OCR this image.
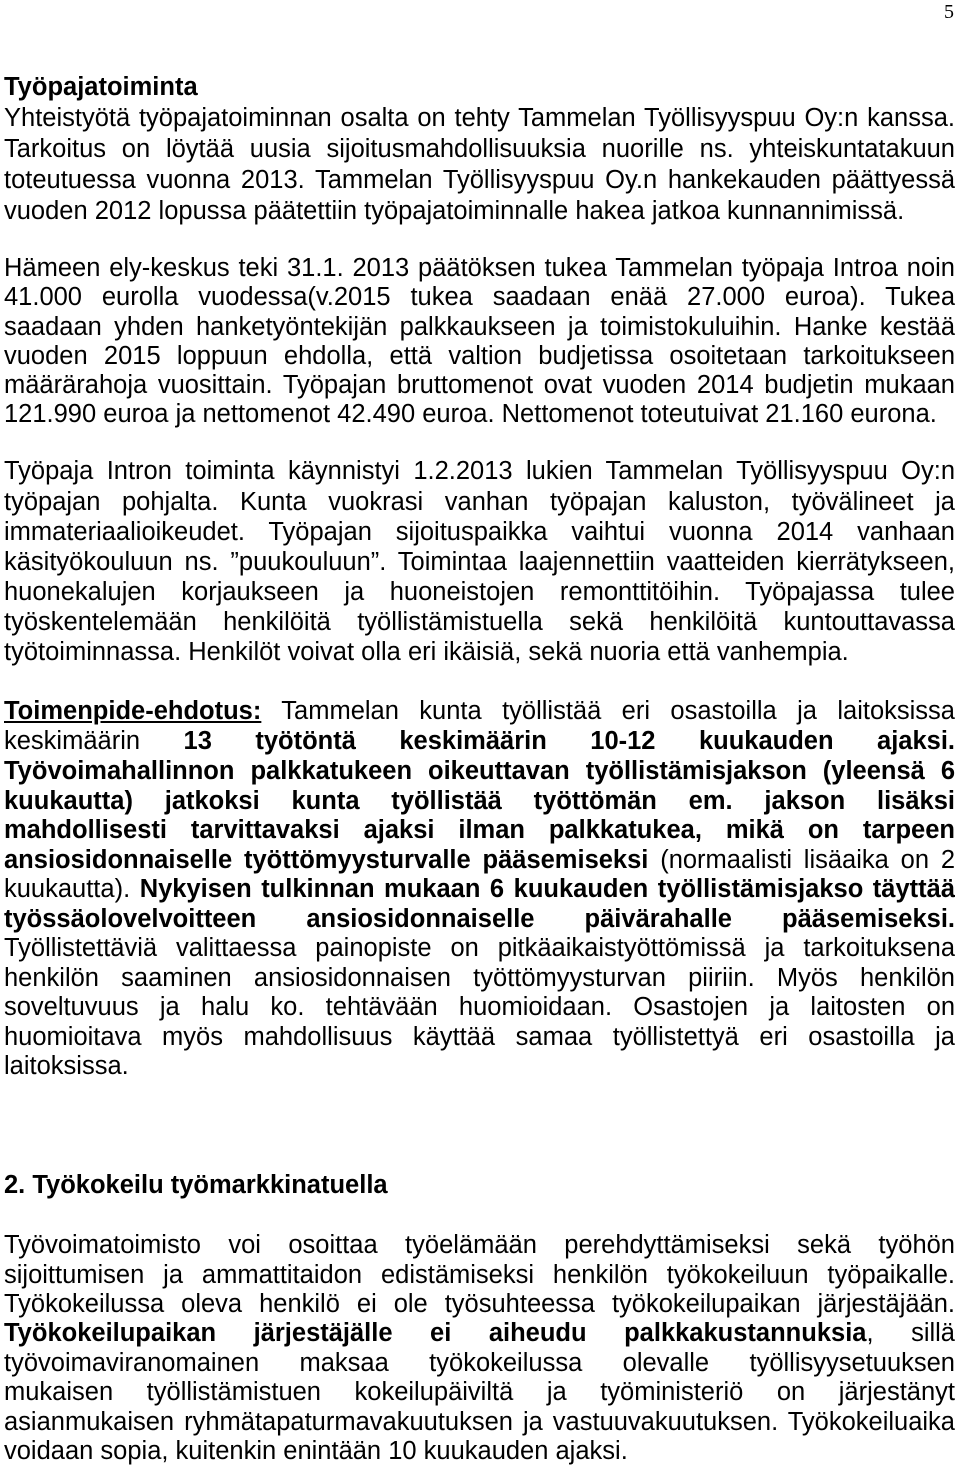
5
Työpajatoiminta
Yhteistyötä työpajatoiminnan osalta on tehty Tammelan Työllisyyspuu Oy:n kanssa.
Tarkoitus on löytää uusia sijoitusmahdollisuuksia nuorille ns. yhteiskuntatakuun
toteutuessa vuonna 2013. Tammelan Työllisyyspuu Oy.n hankekauden päättyessä
vuoden 2012 lopussa päätettiin työpajatoiminnalle hakea jatkoa kunnannimissä.
Hämeen ely-keskus teki 31.1. 2013 päätöksen tukea Tammelan työpaja Introa noin
41.000 eurolla vuodessa(v.2015 tukea saadaan enää 27.000 euroa). Tukea
saadaan yhden hanketyöntekijän palkkaukseen ja toimistokuluihin. Hanke kestää
vuoden 2015 loppuun ehdolla, että valtion budjetissa osoitetaan tarkoitukseen
määrärahoja vuosittain. Työpajan bruttomenot ovat vuoden 2014 budjetin mukaan
121.990 euroa ja nettomenot 42.490 euroa. Nettomenot toteutuivat 21.160 eurona.
Työpaja Intron toiminta käynnistyi 1.2.2013 lukien Tammelan Työllisyyspuu Oy:n
työpajan pohjalta. Kunta vuokrasi vanhan työpajan kaluston, työvälineet ja
immateriaalioikeudet. Työpajan sijoituspaikka vaihtui vuonna 2014 vanhaan
käsityökouluun ns. ”puukouluun”. Toimintaa laajennettiin vaatteiden kierrätykseen,
huonekalujen korjaukseen ja huoneistojen remonttitöihin. Työpajassa tulee
työskentelemään henkilöitä työllistämistuella sekä henkilöitä kuntouttavassa
työtoiminnassa. Henkilöt voivat olla eri ikäisiä, sekä nuoria että vanhempia.
Toimenpide-ehdotus: Tammelan kunta työllistää eri osastoilla ja laitoksissa
keskimäärin 13 työtöntä keskimäärin 10-12 kuukauden ajaksi.
Työvoimahallinnon palkkatukeen oikeuttavan työllistämisjakson (yleensä 6
kuukautta) jatkoksi kunta työllistää työttömän em. jakson lisäksi
mahdollisesti tarvittavaksi ajaksi ilman palkkatukea, mikä on tarpeen
ansiosidonnaiselle työttömyysturvalle pääsemiseksi (normaalisti lisäaika on 2
kuukautta). Nykyisen tulkinnan mukaan 6 kuukauden työllistämisjakso täyttää
työssäolovelvoitteen ansiosidonnaiselle päivärahalle pääsemiseksi.
Työllistettäviä valittaessa painopiste on pitkäaikaistyöttömissä ja tarkoituksena
henkilön saaminen ansiosidonnaisen työttömyysturvan piiriin. Myös henkilön
soveltuvuus ja halu ko. tehtävään huomioidaan. Osastojen ja laitosten on
huomioitava myös mahdollisuus käyttää samaa työllistettyä eri osastoilla ja
laitoksissa.
2. Työkokeilu työmarkkinatuella
Työvoimatoimisto voi osoittaa työelämään perehdyttämiseksi sekä työhön
sijoittumisen ja ammattitaidon edistämiseksi henkilön työkokeiluun työpaikalle.
Työkokeilussa oleva henkilö ei ole työsuhteessa työkokeilupaikan järjestäjään.
Työkokeilupaikan järjestäjälle ei aiheudu palkkakustannuksia, sillä
työvoimaviranomainen maksaa työkokeilussa olevalle työllisyysetuuksen
mukaisen työllistämistuen kokeilupäiviltä ja työministeriö on järjestänyt
asianmukaisen ryhmätapaturmavakuutuksen ja vastuuvakuutuksen. Työkokeiluaika
voidaan sopia, kuitenkin enintään 10 kuukauden ajaksi.
